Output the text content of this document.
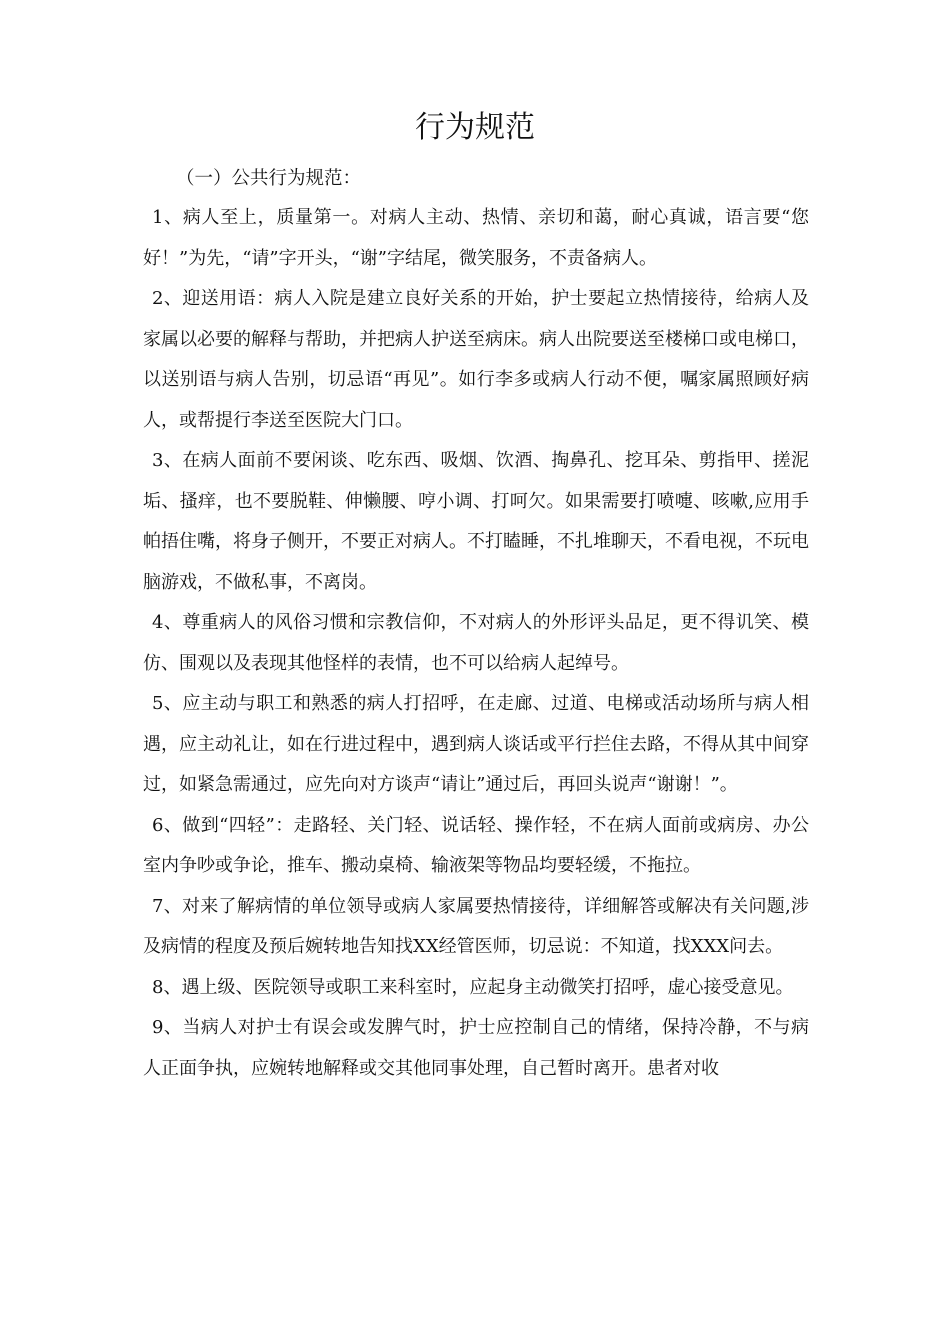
行为规范

（一）公共行为规范：

1、病人至上，质量第一。对病人主动、热情、亲切和蔼，耐心真诚，语言要“您好！”为先，“请”字开头，“谢”字结尾，微笑服务，不责备病人。

2、迎送用语：病人入院是建立良好关系的开始，护士要起立热情接待，给病人及家属以必要的解释与帮助，并把病人护送至病床。病人出院要送至楼梯口或电梯口，以送别语与病人告别，切忌语“再见”。如行李多或病人行动不便，嘱家属照顾好病人，或帮提行李送至医院大门口。

3、在病人面前不要闲谈、吃东西、吸烟、饮酒、掏鼻孔、挖耳朵、剪指甲、搓泥垢、搔痒，也不要脱鞋、伸懒腰、哼小调、打呵欠。如果需要打喷嚏、咳嗽,应用手帕捂住嘴，将身子侧开，不要正对病人。不打瞌睡，不扎堆聊天，不看电视，不玩电脑游戏，不做私事，不离岗。

4、尊重病人的风俗习惯和宗教信仰，不对病人的外形评头品足，更不得讥笑、模仿、围观以及表现其他怪样的表情，也不可以给病人起绰号。

5、应主动与职工和熟悉的病人打招呼，在走廊、过道、电梯或活动场所与病人相遇，应主动礼让，如在行进过程中，遇到病人谈话或平行拦住去路，不得从其中间穿过，如紧急需通过，应先向对方谈声“请让”通过后，再回头说声“谢谢！”。

6、做到“四轻”：走路轻、关门轻、说话轻、操作轻，不在病人面前或病房、办公室内争吵或争论，推车、搬动桌椅、输液架等物品均要轻缓，不拖拉。

7、对来了解病情的单位领导或病人家属要热情接待，详细解答或解决有关问题,涉及病情的程度及预后婉转地告知找XX经管医师，切忌说：不知道，找XXX问去。

8、遇上级、医院领导或职工来科室时，应起身主动微笑打招呼，虚心接受意见。

9、当病人对护士有误会或发脾气时，护士应控制自己的情绪，保持冷静，不与病人正面争执，应婉转地解释或交其他同事处理，自己暂时离开。患者对收
